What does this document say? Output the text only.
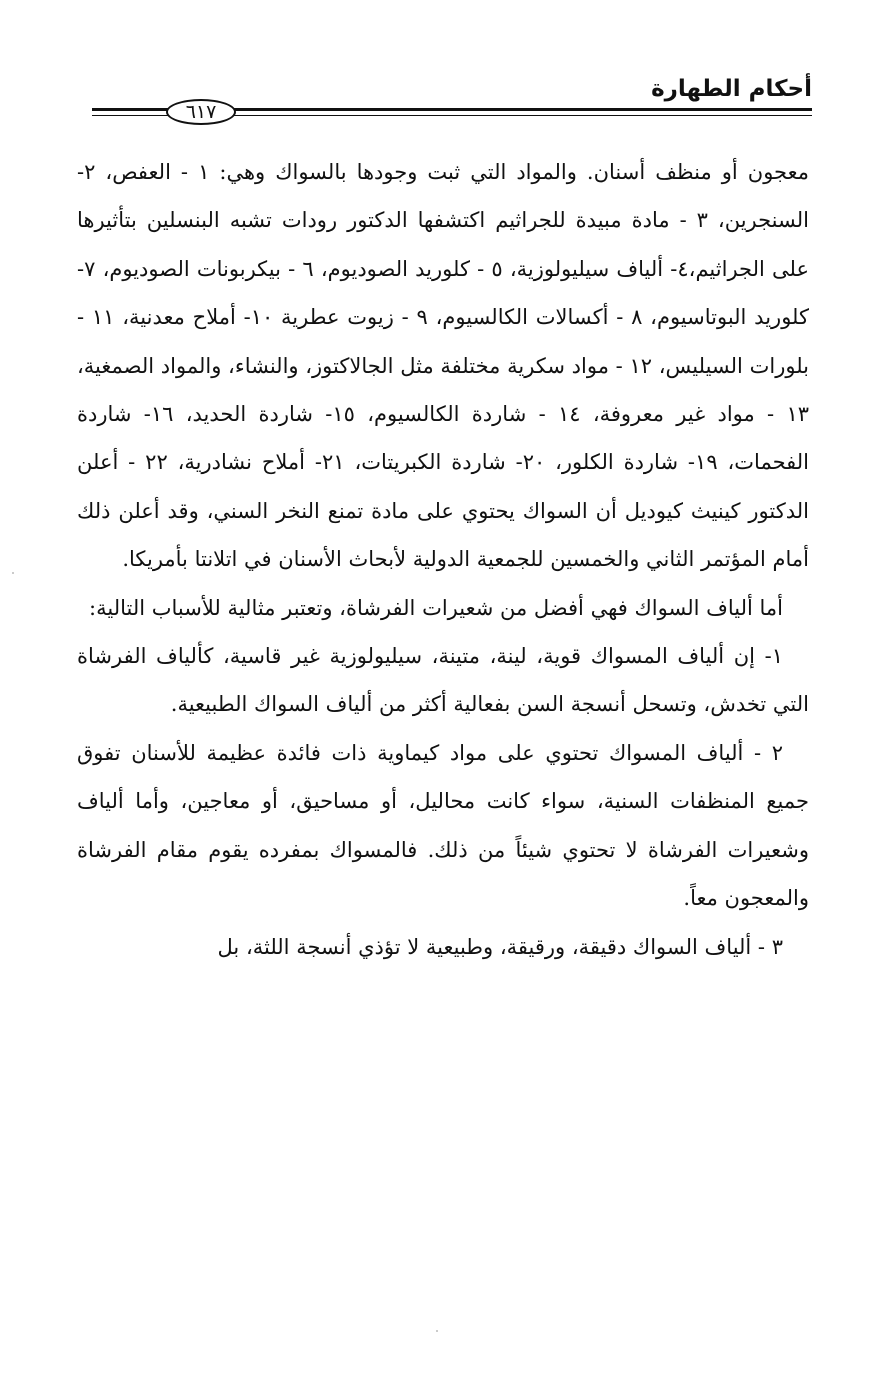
أحكام الطهارة
٦١٧

معجون أو منظف أسنان. والمواد التي ثبت وجودها بالسواك وهي: ١ - العفص، ٢- السنجرين، ٣ - مادة مبيدة للجراثيم اكتشفها الدكتور رودات تشبه البنسلين بتأثيرها على الجراثيم،٤- ألياف سيليولوزية، ٥ - كلوريد الصوديوم، ٦ - بيكربونات الصوديوم، ٧-كلوريد البوتاسيوم، ٨ - أكسالات الكالسيوم، ٩ - زيوت عطرية ١٠- أملاح معدنية، ١١ - بلورات السيليس، ١٢ - مواد سكرية مختلفة مثل الجالاكتوز، والنشاء، والمواد الصمغية، ١٣ - مواد غير معروفة، ١٤ - شاردة الكالسيوم، ١٥- شاردة الحديد، ١٦- شاردة الفحمات، ١٩- شاردة الكلور، ٢٠- شاردة الكبريتات، ٢١- أملاح نشادرية، ٢٢ - أعلن الدكتور كينيث كيوديل أن السواك يحتوي على مادة تمنع النخر السني، وقد أعلن ذلك أمام المؤتمر الثاني والخمسين للجمعية الدولية لأبحاث الأسنان في اتلانتا بأمريكا.

أما ألياف السواك فهي أفضل من شعيرات الفرشاة، وتعتبر مثالية للأسباب التالية:

١- إن ألياف المسواك قوية، لينة، متينة، سيليولوزية غير قاسية، كألياف الفرشاة التي تخدش، وتسحل أنسجة السن بفعالية أكثر من ألياف السواك الطبيعية.

٢ - ألياف المسواك تحتوي على مواد كيماوية ذات فائدة عظيمة للأسنان تفوق جميع المنظفات السنية، سواء كانت محاليل، أو مساحيق، أو معاجين، وأما ألياف وشعيرات الفرشاة لا تحتوي شيئاً من ذلك. فالمسواك بمفرده يقوم مقام الفرشاة والمعجون معاً.

٣ - ألياف السواك دقيقة، ورقيقة، وطبيعية لا تؤذي أنسجة اللثة، بل
